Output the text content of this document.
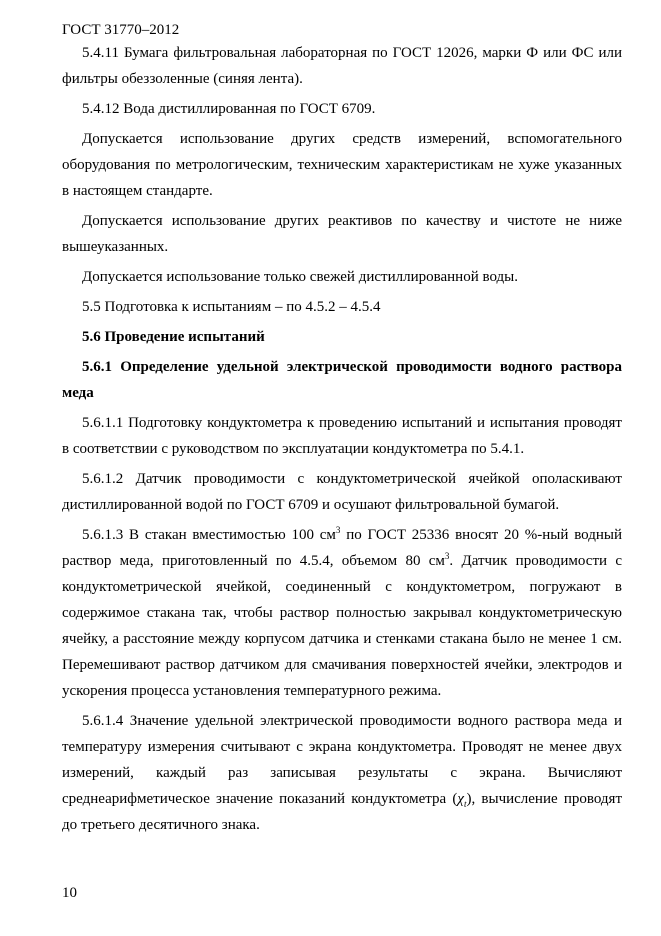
ГОСТ 31770–2012

5.4.11 Бумага фильтровальная лабораторная по ГОСТ 12026, марки Ф или ФС или фильтры обеззоленные (синяя лента).

5.4.12 Вода дистиллированная по ГОСТ 6709.

Допускается использование других средств измерений, вспомогательного оборудования по метрологическим, техническим характеристикам не хуже указанных в настоящем стандарте.

Допускается использование других реактивов по качеству и чистоте не ниже вышеуказанных.

Допускается использование только свежей дистиллированной воды.

5.5 Подготовка к испытаниям – по 4.5.2 – 4.5.4

5.6 Проведение испытаний

5.6.1 Определение удельной электрической проводимости водного раствора меда

5.6.1.1 Подготовку кондуктометра к проведению испытаний и испытания проводят в соответствии с руководством по эксплуатации кондуктометра по 5.4.1.

5.6.1.2 Датчик проводимости с кондуктометрической ячейкой ополаскивают дистиллированной водой по ГОСТ 6709 и осушают фильтровальной бумагой.

5.6.1.3 В стакан вместимостью 100 $см^3$ по ГОСТ 25336 вносят 20 %-ный водный раствор меда, приготовленный по 4.5.4, объемом 80 $см^3$. Датчик проводимости с кондуктометрической ячейкой, соединенный с кондуктометром, погружают в содержимое стакана так, чтобы раствор полностью закрывал кондуктометрическую ячейку, а расстояние между корпусом датчика и стенками стакана было не менее 1 см. Перемешивают раствор датчиком для смачивания поверхностей ячейки, электродов и ускорения процесса установления температурного режима.

5.6.1.4 Значение удельной электрической проводимости водного раствора меда и температуру измерения считывают с экрана кондуктометра. Проводят не менее двух измерений, каждый раз записывая результаты с экрана. Вычисляют среднеарифметическое значение показаний кондуктометра $(\chi_t)$, вычисление проводят до третьего десятичного знака.

10
